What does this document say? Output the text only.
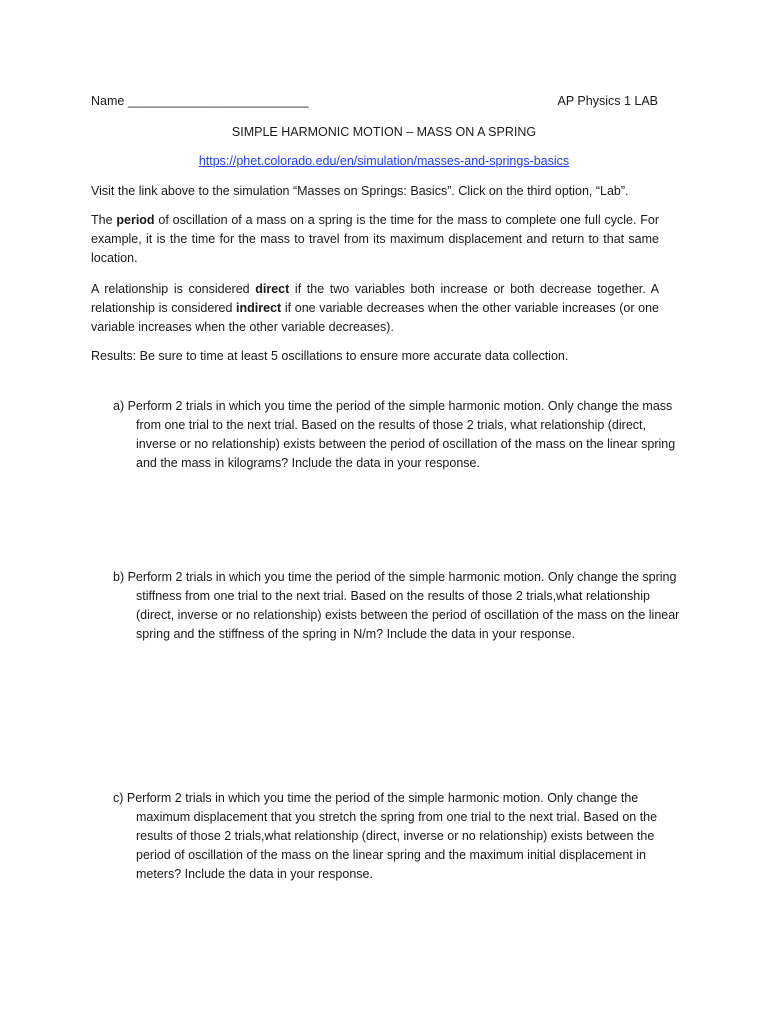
Name __________________________	AP Physics 1 LAB
SIMPLE HARMONIC MOTION – MASS ON A SPRING
https://phet.colorado.edu/en/simulation/masses-and-springs-basics

Visit the link above to the simulation “Masses on Springs: Basics”. Click on the third option, “Lab”.

The period of oscillation of a mass on a spring is the time for the mass to complete one full cycle. For example, it is the time for the mass to travel from its maximum displacement and return to that same location.

A relationship is considered direct if the two variables both increase or both decrease together. A relationship is considered indirect if one variable decreases when the other variable increases (or one variable increases when the other variable decreases).

Results: Be sure to time at least 5 oscillations to ensure more accurate data collection.

a) Perform 2 trials in which you time the period of the simple harmonic motion. Only change the mass from one trial to the next trial. Based on the results of those 2 trials, what relationship (direct, inverse or no relationship) exists between the period of oscillation of the mass on the linear spring and the mass in kilograms? Include the data in your response.

b) Perform 2 trials in which you time the period of the simple harmonic motion. Only change the spring stiffness from one trial to the next trial. Based on the results of those 2 trials,what relationship (direct, inverse or no relationship) exists between the period of oscillation of the mass on the linear spring and the stiffness of the spring in N/m? Include the data in your response.

c) Perform 2 trials in which you time the period of the simple harmonic motion. Only change the maximum displacement that you stretch the spring from one trial to the next trial. Based on the results of those 2 trials,what relationship (direct, inverse or no relationship) exists between the period of oscillation of the mass on the linear spring and the maximum initial displacement in meters? Include the data in your response.
